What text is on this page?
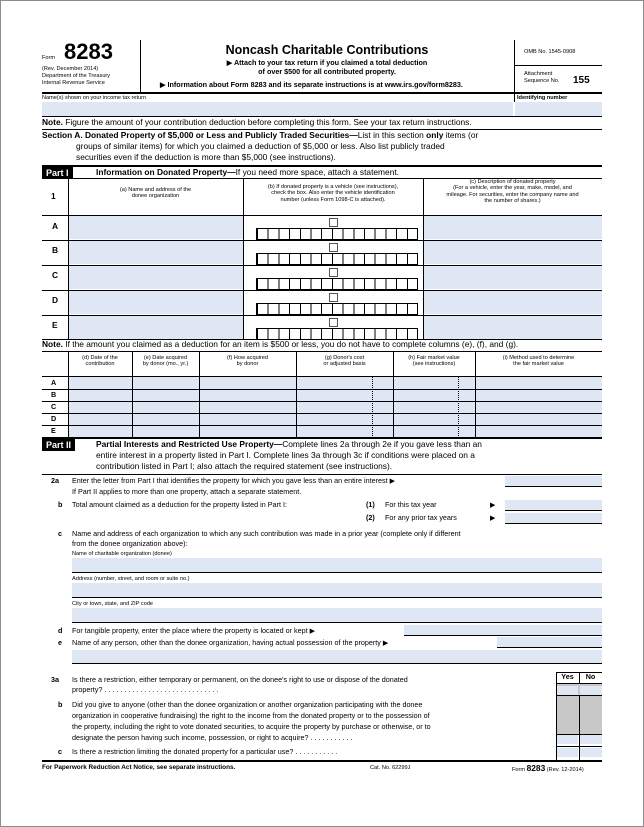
Form 8283
(Rev. December 2014)
Department of the Treasury
Internal Revenue Service
Noncash Charitable Contributions
▶ Attach to your tax return if you claimed a total deduction
of over $500 for all contributed property.
▶ Information about Form 8283 and its separate instructions is at www.irs.gov/form8283.
OMB No. 1545-0908
Attachment
Sequence No. 155
Name(s) shown on your income tax return	Identifying number
Note. Figure the amount of your contribution deduction before completing this form. See your tax return instructions.
Section A. Donated Property of $5,000 or Less and Publicly Traded Securities—List in this section only items (or
groups of similar items) for which you claimed a deduction of $5,000 or less. Also list publicly traded
securities even if the deduction is more than $5,000 (see instructions).
Part I	Information on Donated Property—If you need more space, attach a statement.
1
(a) Name and address of the
donee organization
(b) If donated property is a vehicle (see instructions),
check the box. Also enter the vehicle identification
number (unless Form 1098-C is attached).
(c) Description of donated property
(For a vehicle, enter the year, make, model, and
mileage. For securities, enter the company name and
the number of shares.)
A
B
C
D
E
Note. If the amount you claimed as a deduction for an item is $500 or less, you do not have to complete columns (e), (f), and (g).
(d) Date of the
contribution
(e) Date acquired
by donor (mo., yr.)
(f) How acquired
by donor
(g) Donor's cost
or adjusted basis
(h) Fair market value
(see instructions)
(i) Method used to determine
the fair market value
A
B
C
D
E
Part II	Partial Interests and Restricted Use Property—Complete lines 2a through 2e if you gave less than an
entire interest in a property listed in Part I. Complete lines 3a through 3c if conditions were placed on a
contribution listed in Part I; also attach the required statement (see instructions).
2a Enter the letter from Part I that identifies the property for which you gave less than an entire interest ▶
If Part II applies to more than one property, attach a separate statement.
b Total amount claimed as a deduction for the property listed in Part I:	(1) For this tax year	▶
(2) For any prior tax years	▶
c Name and address of each organization to which any such contribution was made in a prior year (complete only if different
from the donee organization above):
Name of charitable organization (donee)
Address (number, street, and room or suite no.)
City or town, state, and ZIP code
d For tangible property, enter the place where the property is located or kept ▶
e Name of any person, other than the donee organization, having actual possession of the property ▶
Yes	No
3a Is there a restriction, either temporary or permanent, on the donee's right to use or dispose of the donated
property? . . . . . . . . . . . . . . . . . . . . . . . . . . . . .
b Did you give to anyone (other than the donee organization or another organization participating with the donee
organization in cooperative fundraising) the right to the income from the donated property or to the possession of
the property, including the right to vote donated securities, to acquire the property by purchase or otherwise, or to
designate the person having such income, possession, or right to acquire? . . . . . . . . . . .
c Is there a restriction limiting the donated property for a particular use? . . . . . . . . . . .
For Paperwork Reduction Act Notice, see separate instructions.	Cat. No. 62299J	Form 8283 (Rev. 12-2014)
